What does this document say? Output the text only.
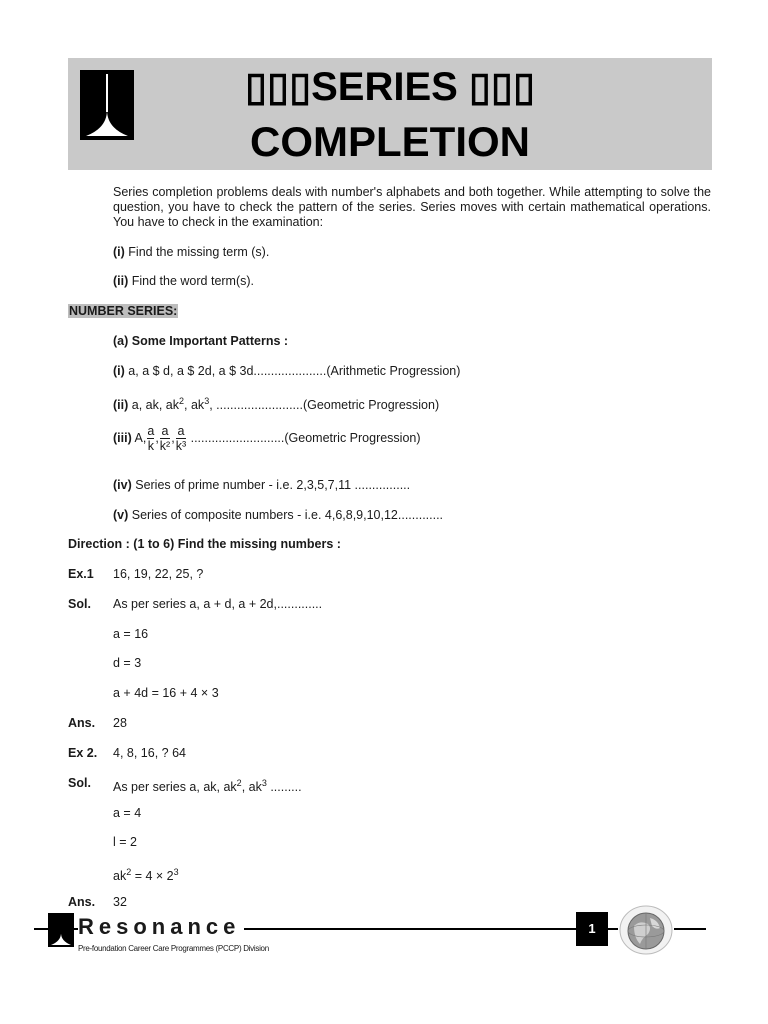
▯▯▯SERIES ▯▯▯
COMPLETION
Series completion problems deals with number's alphabets and both together. While attempting to solve the question, you have to check the pattern of the series. Series moves with certain mathematical operations. You have to check in the examination:
(i) Find the missing term (s).
(ii) Find the word term(s).
NUMBER SERIES:
(a) Some Important Patterns :
(i) a, a $ d, a $ 2d, a $ 3d.....................(Arithmetic Progression)
(ii) a, ak, $ak^2$, $ak^3$, .........................(Geometric Progression)
(iii) A, $\frac{a}{k}$ , $\frac{a}{\text{k²}}$ , $\frac{a}{\text{k³}}$ ...........................(Geometric Progression)
(iv) Series of prime number - i.e. 2,3,5,7,11 ................
(v) Series of composite numbers - i.e. 4,6,8,9,10,12.............
Direction : (1 to 6) Find the missing numbers :
Ex.1 16, 19, 22, 25, ?
Sol. As per series a, a + d, a + 2d,.............
a = 16
d = 3
a + 4d = 16 + 4 × 3
Ans. 28
Ex 2. 4, 8, 16, ? 64
Sol. As per series a, ak, $ak^2$, $ak^3$ .........
a = 4
l = 2
$ak^2 = 4 \times 2^3$
Ans. 32
Resonance
Pre-foundation Career Care Programmes (PCCP) Division
1
